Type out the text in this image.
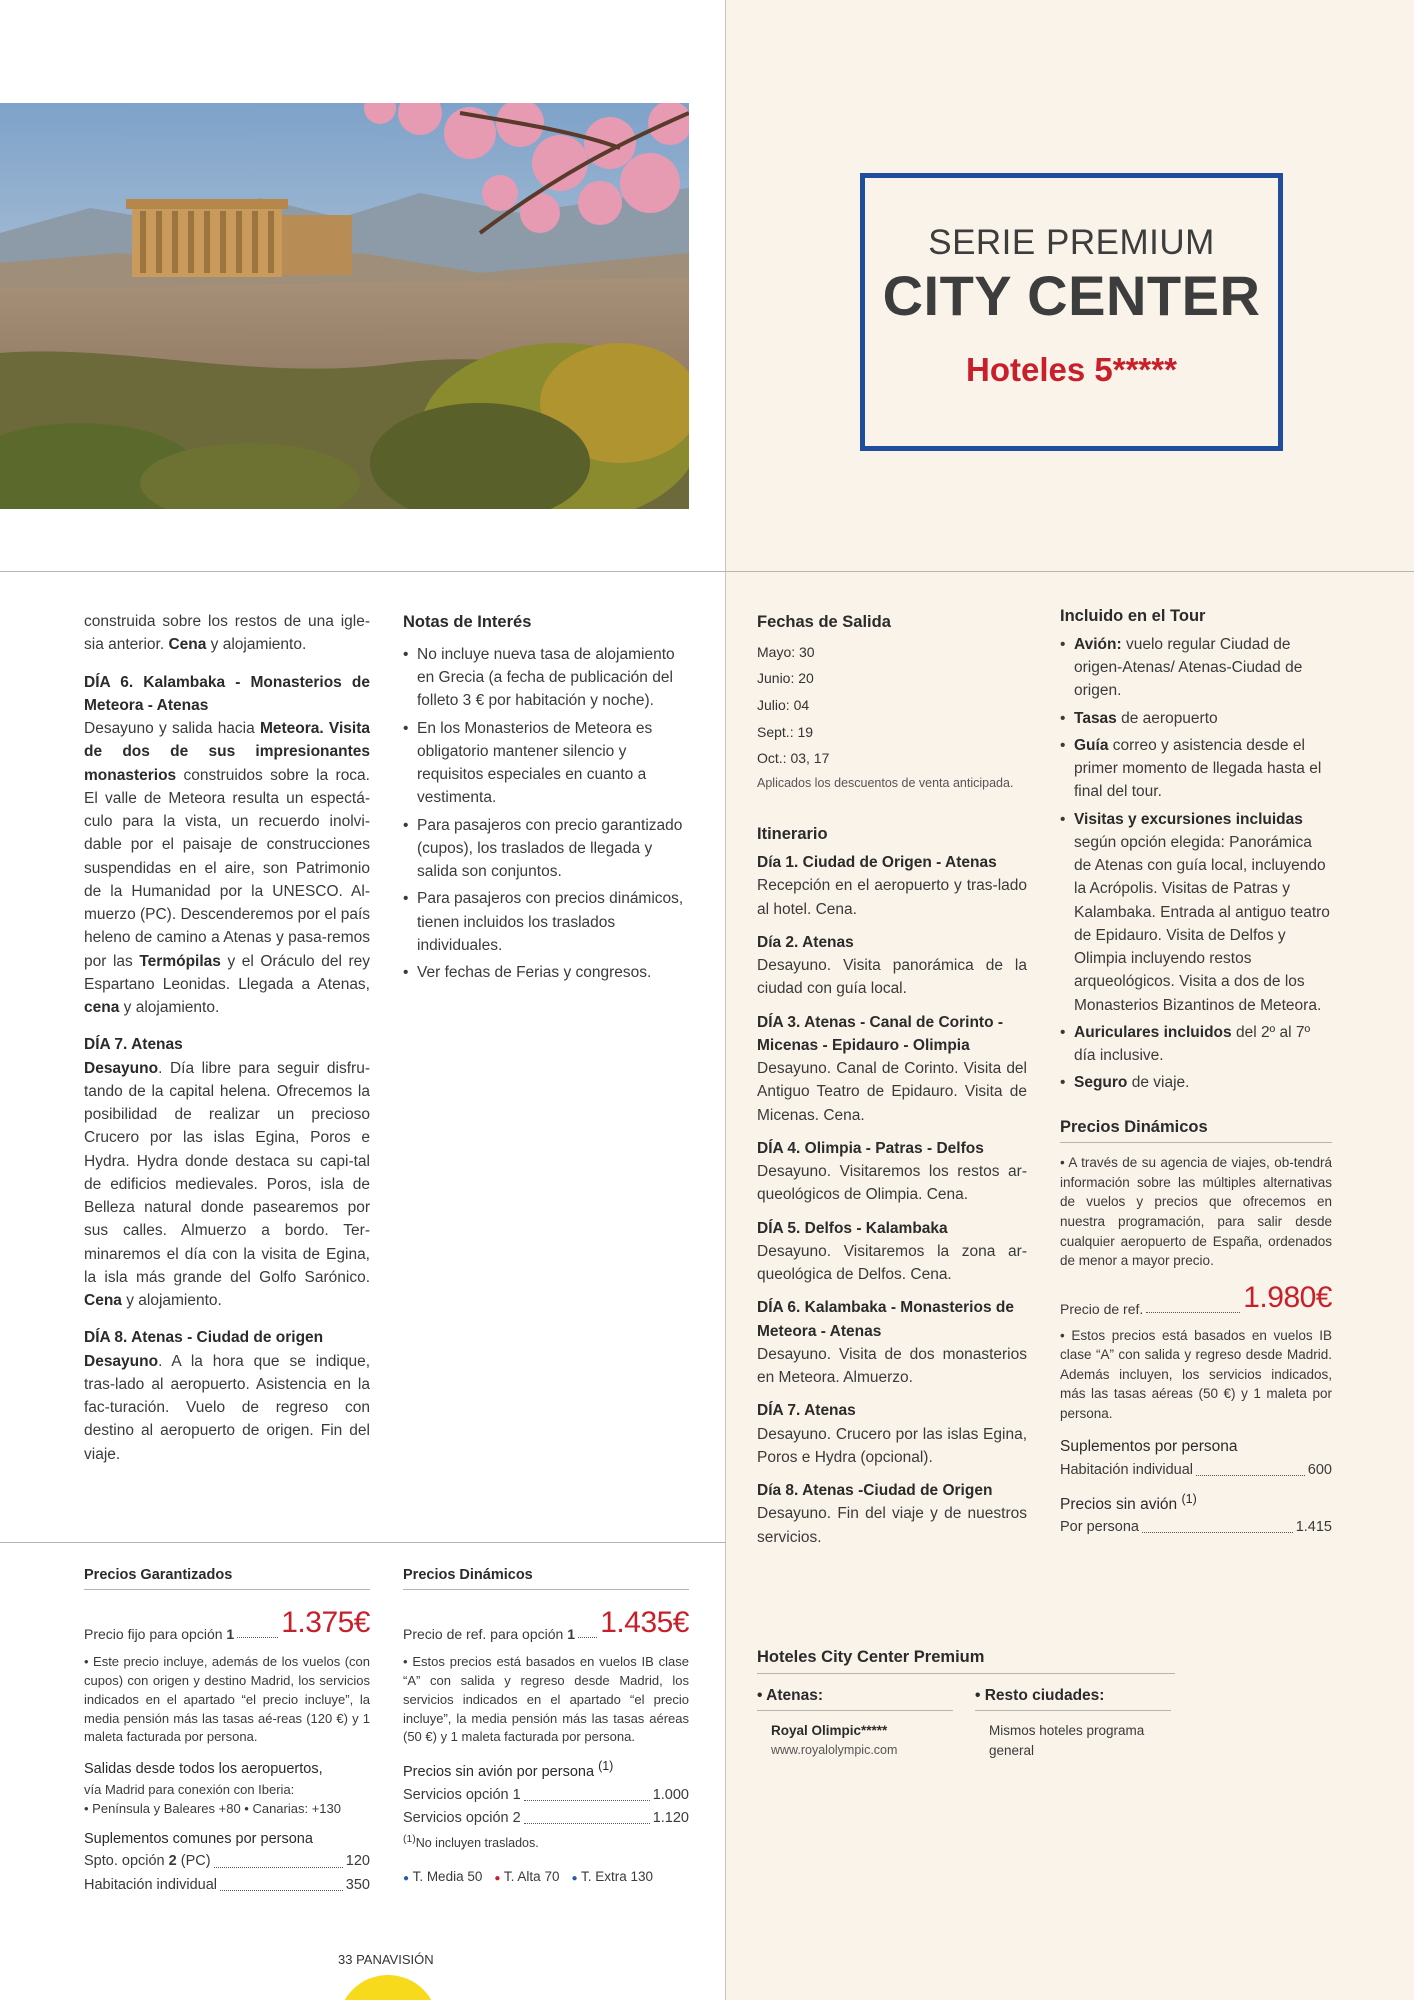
SERIE PREMIUM
CITY CENTER
Hoteles 5*****

construida sobre los restos de una igle-sia anterior. Cena y alojamiento.

DÍA 6. Kalambaka - Monasterios de Meteora - Atenas

Desayuno y salida hacia Meteora. Visita de dos de sus impresionantes monasterios construidos sobre la roca. El valle de Meteora resulta un espectá-culo para la vista, un recuerdo inolvi-dable por el paisaje de construcciones suspendidas en el aire, son Patrimonio de la Humanidad por la UNESCO. Al-muerzo (PC). Descenderemos por el país heleno de camino a Atenas y pasa-remos por las Termópilas y el Oráculo del rey Espartano Leonidas. Llegada a Atenas, cena y alojamiento.

DÍA 7. Atenas

Desayuno. Día libre para seguir disfru-tando de la capital helena. Ofrecemos la posibilidad de realizar un precioso Crucero por las islas Egina, Poros e Hydra. Hydra donde destaca su capi-tal de edificios medievales. Poros, isla de Belleza natural donde pasearemos por sus calles. Almuerzo a bordo. Ter-minaremos el día con la visita de Egina, la isla más grande del Golfo Sarónico. Cena y alojamiento.

DÍA 8. Atenas - Ciudad de origen

Desayuno. A la hora que se indique, tras-lado al aeropuerto. Asistencia en la fac-turación. Vuelo de regreso con destino al aeropuerto de origen. Fin del viaje.

Notas de Interés
• No incluye nueva tasa de alojamiento en Grecia (a fecha de publicación del folleto 3 € por habitación y noche).
• En los Monasterios de Meteora es obligatorio mantener silencio y requisitos especiales en cuanto a vestimenta.
• Para pasajeros con precio garantizado (cupos), los traslados de llegada y salida son conjuntos.
• Para pasajeros con precios dinámicos, tienen incluidos los traslados individuales.
• Ver fechas de Ferias y congresos.
Fechas de Salida
Mayo: 30
Junio: 20
Julio: 04
Sept.: 19
Oct.: 03, 17
Aplicados los descuentos de venta anticipada.
Itinerario
Día 1. Ciudad de Origen - Atenas
Recepción en el aeropuerto y tras-lado al hotel. Cena.
Día 2. Atenas
Desayuno. Visita panorámica de la ciudad con guía local.
DÍA 3. Atenas - Canal de Corinto - Micenas - Epidauro - Olimpia
Desayuno. Canal de Corinto. Visita del Antiguo Teatro de Epidauro. Visita de Micenas. Cena.
DÍA 4. Olimpia - Patras - Delfos
Desayuno. Visitaremos los restos ar-queológicos de Olimpia. Cena.
DÍA 5. Delfos - Kalambaka
Desayuno. Visitaremos la zona ar-queológica de Delfos. Cena.
DÍA 6. Kalambaka - Monasterios de Meteora - Atenas
Desayuno. Visita de dos monasterios en Meteora. Almuerzo.
DÍA 7. Atenas
Desayuno. Crucero por las islas Egina, Poros e Hydra (opcional).
Día 8. Atenas -Ciudad de Origen
Desayuno. Fin del viaje y de nuestros servicios.
Incluido en el Tour
• Avión: vuelo regular Ciudad de origen-Atenas/ Atenas-Ciudad de origen.
• Tasas de aeropuerto
• Guía correo y asistencia desde el primer momento de llegada hasta el final del tour.
• Visitas y excursiones incluidas según opción elegida: Panorámica de Atenas con guía local, incluyendo la Acrópolis. Visitas de Patras y Kalambaka. Entrada al antiguo teatro de Epidauro. Visita de Delfos y Olimpia incluyendo restos arqueológicos. Visita a dos de los Monasterios Bizantinos de Meteora.
• Auriculares incluidos del 2º al 7º día inclusive.
• Seguro de viaje.
Precios Dinámicos
• A través de su agencia de viajes, ob-tendrá información sobre las múltiples alternativas de vuelos y precios que ofrecemos en nuestra programación, para salir desde cualquier aeropuerto de España, ordenados de menor a mayor precio.
Precio de ref.	1.980€
• Estos precios está basados en vuelos IB clase “A” con salida y regreso desde Madrid. Además incluyen, los servicios indicados, más las tasas aéreas (50 €) y 1 maleta por persona.
Suplementos por persona
Habitación individual	600
Precios sin avión $^{(1)}$
Por persona	1.415
Hoteles City Center Premium
• Atenas:
Royal Olimpic*****
www.royalolympic.com
• Resto ciudades:
Mismos hoteles programa general
Precios Garantizados
Precio fijo para opción 1 1.375€
• Este precio incluye, además de los vuelos (con cupos) con origen y destino Madrid, los servicios indicados en el apartado “el precio incluye”, la media pensión más las tasas aé-reas (120 €) y 1 maleta facturada por persona.
Salidas desde todos los aeropuertos,
vía Madrid para conexión con Iberia:
• Península y Baleares +80 • Canarias: +130
Suplementos comunes por persona
Spto. opción 2 (PC)	120
Habitación individual	350
Precios Dinámicos
Precio de ref. para opción 1 1.435€
• Estos precios está basados en vuelos IB clase “A” con salida y regreso desde Madrid, los servicios indicados en el apartado “el precio incluye”, la media pensión más las tasas aéreas (50 €) y 1 maleta facturada por persona.
Precios sin avión por persona $^{(1)}$
Servicios opción 1	1.000
Servicios opción 2	1.120
$^{(1)}$No incluyen traslados.
● T. Media 50 ● T. Alta 70 ● T. Extra 130
33 PANAVISIÓN
